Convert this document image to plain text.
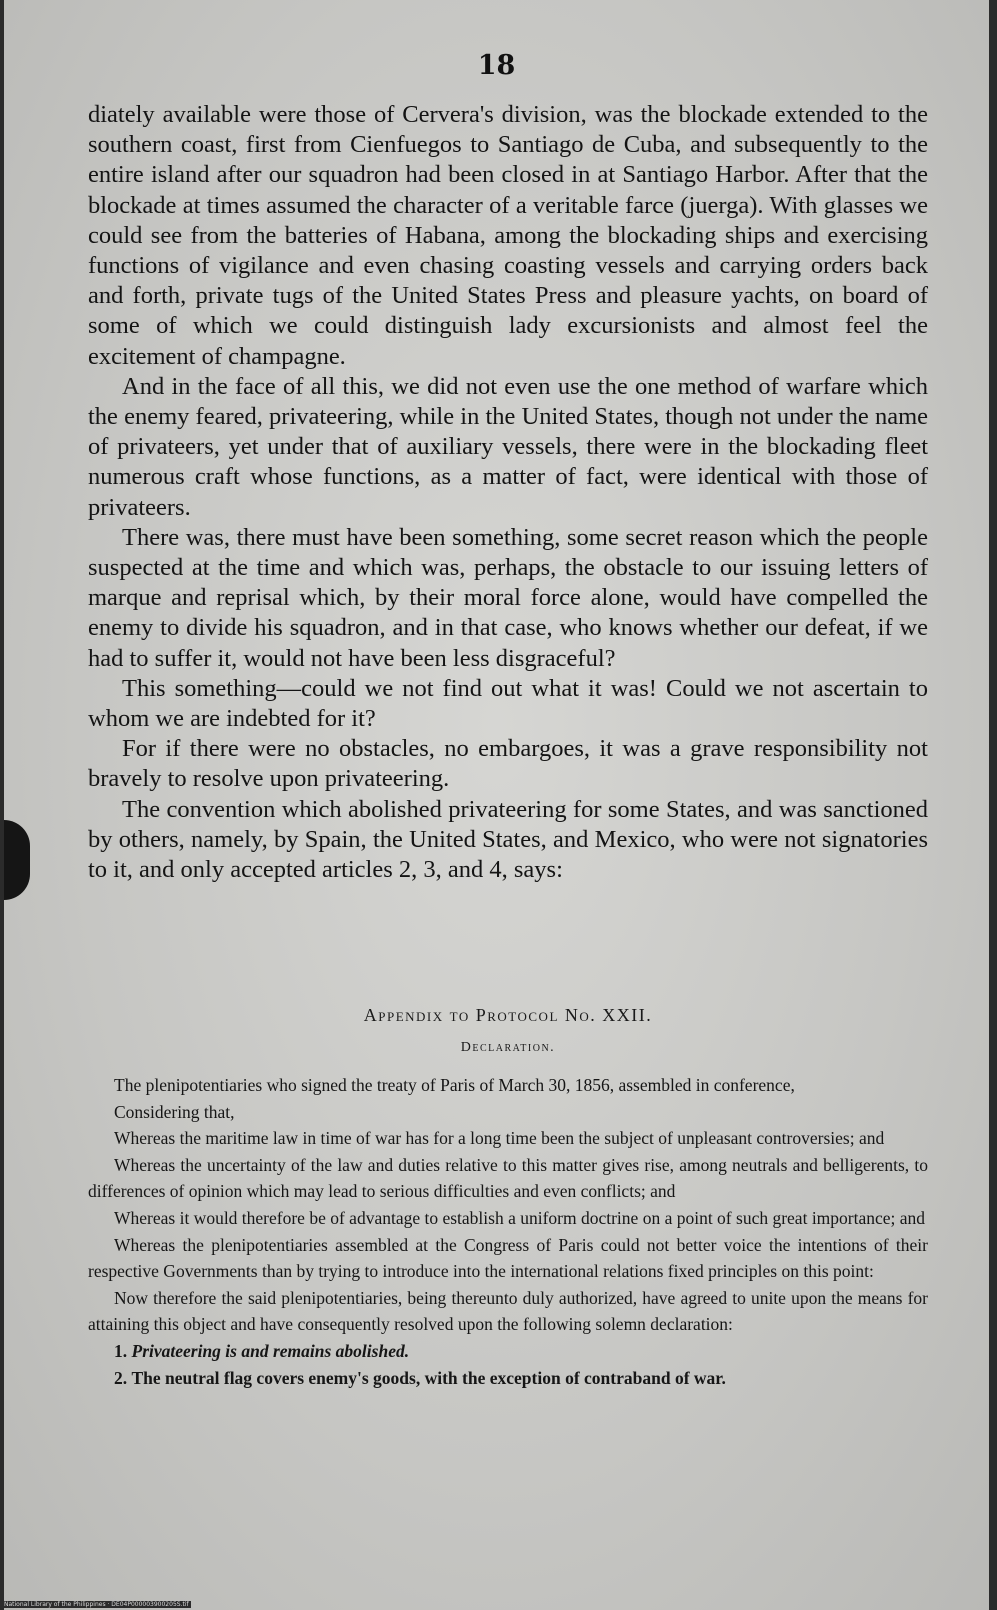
18

diately available were those of Cervera's division, was the blockade extended to the southern coast, first from Cienfuegos to Santiago de Cuba, and subsequently to the entire island after our squadron had been closed in at Santiago Harbor. After that the blockade at times assumed the character of a veritable farce (juerga). With glasses we could see from the batteries of Habana, among the blockading ships and exercising functions of vigilance and even chasing coasting vessels and carrying orders back and forth, private tugs of the United States Press and pleasure yachts, on board of some of which we could distinguish lady excursionists and almost feel the excitement of champagne.

And in the face of all this, we did not even use the one method of warfare which the enemy feared, privateering, while in the United States, though not under the name of privateers, yet under that of auxiliary vessels, there were in the blockading fleet numerous craft whose functions, as a matter of fact, were identical with those of privateers.

There was, there must have been something, some secret reason which the people suspected at the time and which was, perhaps, the obstacle to our issuing letters of marque and reprisal which, by their moral force alone, would have compelled the enemy to divide his squadron, and in that case, who knows whether our defeat, if we had to suffer it, would not have been less disgraceful?

This something—could we not find out what it was! Could we not ascertain to whom we are indebted for it?

For if there were no obstacles, no embargoes, it was a grave responsibility not bravely to resolve upon privateering.

The convention which abolished privateering for some States, and was sanctioned by others, namely, by Spain, the United States, and Mexico, who were not signatories to it, and only accepted articles 2, 3, and 4, says:

Appendix to Protocol No. XXII.
Declaration.

The plenipotentiaries who signed the treaty of Paris of March 30, 1856, assembled in conference,

Considering that,

Whereas the maritime law in time of war has for a long time been the subject of unpleasant controversies; and

Whereas the uncertainty of the law and duties relative to this matter gives rise, among neutrals and belligerents, to differences of opinion which may lead to serious difficulties and even conflicts; and

Whereas it would therefore be of advantage to establish a uniform doctrine on a point of such great importance; and

Whereas the plenipotentiaries assembled at the Congress of Paris could not better voice the intentions of their respective Governments than by trying to introduce into the international relations fixed principles on this point:

Now therefore the said plenipotentiaries, being thereunto duly authorized, have agreed to unite upon the means for attaining this object and have consequently resolved upon the following solemn declaration:

1. Privateering is and remains abolished.

2. The neutral flag covers enemy's goods, with the exception of contraband of war.

National Library of the Philippines · DE04P000003900205S.tif
